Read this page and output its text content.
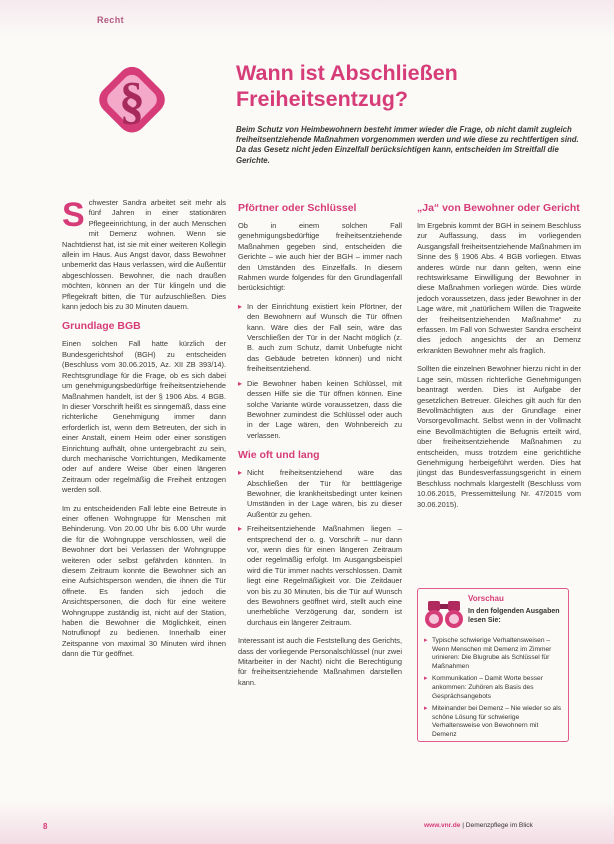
Recht
§	Wann ist Abschließen Freiheitsentzug?
Beim Schutz von Heimbewohnern besteht immer wieder die Frage, ob nicht damit zugleich freiheitsentziehende Maßnahmen vorgenommen werden und wie diese zu rechtfertigen sind. Da das Gesetz nicht jeden Einzelfall berücksichtigen kann, entscheiden im Streitfall die Gerichte.

Schwester Sandra arbeitet seit mehr als fünf Jahren in einer stationären Pflegeeinrichtung, in der auch Menschen mit Demenz wohnen. Wenn sie Nachtdienst hat, ist sie mit einer weiteren Kollegin allein im Haus. Aus Angst davor, dass Bewohner unbemerkt das Haus verlassen, wird die Außentür abgeschlossen. Bewohner, die nach draußen möchten, können an der Tür klingeln und die Pflegekraft bitten, die Tür aufzuschließen. Dies kann jedoch bis zu 30 Minuten dauern.

Grundlage BGB

Einen solchen Fall hatte kürzlich der Bundesgerichtshof (BGH) zu entscheiden (Beschluss vom 30.06.2015, Az. XII ZB 393/14). Rechtsgrundlage für die Frage, ob es sich dabei um genehmigungsbedürftige freiheitsentziehende Maßnahmen handelt, ist der § 1906 Abs. 4 BGB. In dieser Vorschrift heißt es sinngemäß, dass eine richterliche Genehmigung immer dann erforderlich ist, wenn dem Betreuten, der sich in einer Anstalt, einem Heim oder einer sonstigen Einrichtung aufhält, ohne untergebracht zu sein, durch mechanische Vorrichtungen, Medikamente oder auf andere Weise über einen längeren Zeitraum oder regelmäßig die Freiheit entzogen werden soll.

Im zu entscheidenden Fall lebte eine Betreute in einer offenen Wohngruppe für Menschen mit Behinderung. Von 20.00 Uhr bis 6.00 Uhr wurde die für die Wohngruppe verschlossen, weil die Bewohner dort bei Verlassen der Wohngruppe weiteren oder selbst gefährden könnten. In diesem Zeitraum konnte die Bewohner sich an eine Aufsichtsperson wenden, die ihnen die Tür öffnete. Es fanden sich jedoch die Ansichtspersonen, die doch für eine weitere Wohngruppe zuständig ist, nicht auf der Station, haben die Bewohner die Möglichkeit, einen Notrufknopf zu bedienen. Innerhalb einer Zeitspanne von maximal 30 Minuten wird ihnen dann die Tür geöffnet.

Pförtner oder Schlüssel

Ob in einem solchen Fall genehmigungsbedürftige freiheitsentziehende Maßnahmen gegeben sind, entscheiden die Gerichte – wie auch hier der BGH – immer nach den Umständen des Einzelfalls. In diesem Rahmen wurde folgendes für den Grundlagenfall berücksichtigt:

▸ In der Einrichtung existiert kein Pförtner, der den Bewohnern auf Wunsch die Tür öffnen kann. Wäre dies der Fall sein, wäre das Verschließen der Tür in der Nacht möglich (z. B. auch zum Schutz, damit Unbefugte nicht das Gebäude betreten können) und nicht freiheitsentziehend.
▸ Die Bewohner haben keinen Schlüssel, mit dessen Hilfe sie die Tür öffnen können. Eine solche Variante würde voraussetzen, dass die Bewohner zumindest die Schlüssel oder auch in der Lage wären, den Wohnbereich zu verlassen.
Wie oft und lang
▸ Nicht freiheitsentziehend wäre das Abschließen der Tür für betttlägerige Bewohner, die krankheitsbedingt unter keinen Umständen in der Lage wären, bis zu dieser Außentür zu gehen.
▸ Freiheitsentziehende Maßnahmen liegen – entsprechend der o. g. Vorschrift – nur dann vor, wenn dies für einen längeren Zeitraum oder regelmäßig erfolgt. Im Ausgangsbeispiel wird die Tür immer nachts verschlossen. Damit liegt eine Regelmäßigkeit vor. Die Zeitdauer von bis zu 30 Minuten, bis die Tür auf Wunsch des Bewohners geöffnet wird, stellt auch eine unerhebliche Verzögerung dar, sondern ist durchaus ein längerer Zeitraum.

Interessant ist auch die Feststellung des Gerichts, dass der vorliegende Personalschlüssel (nur zwei Mitarbeiter in der Nacht) nicht die Berechtigung für freiheitsentziehende Maßnahmen darstellen kann.

„Ja“ von Bewohner oder Gericht

Im Ergebnis kommt der BGH in seinem Beschluss zur Auffassung, dass im vorliegenden Ausgangsfall freiheitsentziehende Maßnahmen im Sinne des § 1906 Abs. 4 BGB vorliegen. Etwas anderes würde nur dann gelten, wenn eine rechtswirksame Einwilligung der Bewohner in diese Maßnahmen vorliegen würde. Dies würde jedoch voraussetzen, dass jeder Bewohner in der Lage wäre, mit „natürlichem Willen die Tragweite der freiheitsentziehenden Maßnahme“ zu erfassen. Im Fall von Schwester Sandra erscheint dies jedoch angesichts der an Demenz erkrankten Bewohner mehr als fraglich.

Sollten die einzelnen Bewohner hierzu nicht in der Lage sein, müssen richterliche Genehmigungen beantragt werden. Dies ist Aufgabe der gesetzlichen Betreuer. Gleiches gilt auch für den Bevollmächtigten aus der Grundlage einer Vorsorgevollmacht. Selbst wenn in der Vollmacht eine Bevollmächtigten die Befugnis erteilt wird, über freiheitsentziehende Maßnahmen zu entscheiden, muss trotzdem eine gerichtliche Genehmigung herbeigeführt werden. Dies hat jüngst das Bundesverfassungsgericht in einem Beschluss nochmals klargestellt (Beschluss vom 10.06.2015, Pressemitteilung Nr. 47/2015 vom 30.06.2015).

Vorschau
In den folgenden Ausgaben lesen Sie:
▸ Typische schwierige Verhaltensweisen – Wenn Menschen mit Demenz im Zimmer urinieren: Die Blugrube als Schlüssel für Maßnahmen
▸ Kommunikation – Damit Worte besser ankommen: Zuhören als Basis des Gesprächsangebots
▸ Miteinander bei Demenz – Nie wieder so als schöne Lösung für schwierige Verhaltensweise von Bewohnern mit Demenz
8	www.vnr.de | Demenzpflege im Blick
